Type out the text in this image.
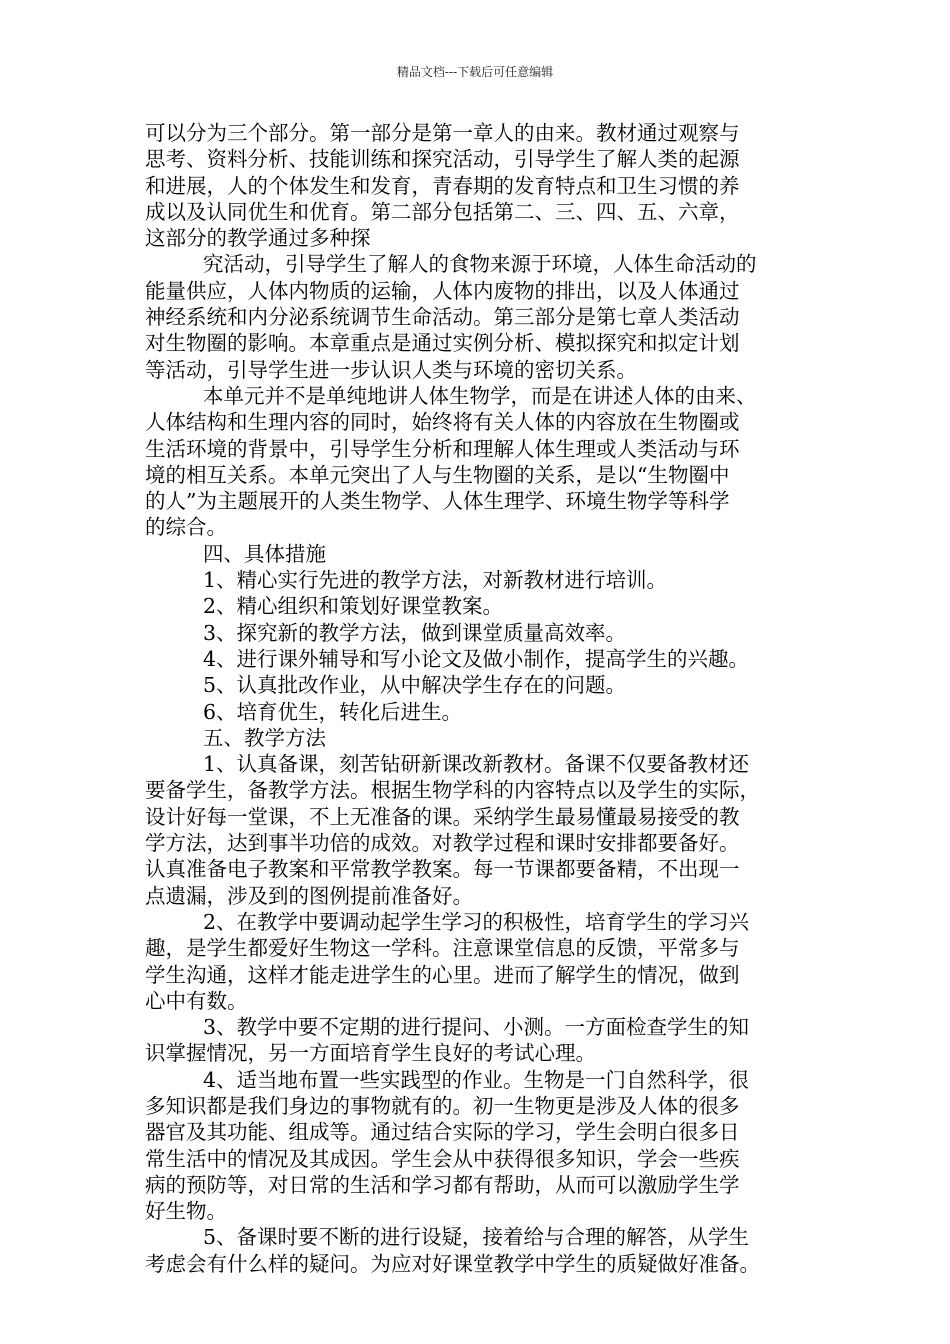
精品文档---下载后可任意编辑
可以分为三个部分。第一部分是第一章人的由来。教材通过观察与
思考、资料分析、技能训练和探究活动，引导学生了解人类的起源
和进展，人的个体发生和发育，青春期的发育特点和卫生习惯的养
成以及认同优生和优育。第二部分包括第二、三、四、五、六章，
这部分的教学通过多种探
究活动，引导学生了解人的食物来源于环境，人体生命活动的
能量供应，人体内物质的运输，人体内废物的排出，以及人体通过
神经系统和内分泌系统调节生命活动。第三部分是第七章人类活动
对生物圈的影响。本章重点是通过实例分析、模拟探究和拟定计划
等活动，引导学生进一步认识人类与环境的密切关系。
本单元并不是单纯地讲人体生物学，而是在讲述人体的由来、
人体结构和生理内容的同时，始终将有关人体的内容放在生物圈或
生活环境的背景中，引导学生分析和理解人体生理或人类活动与环
境的相互关系。本单元突出了人与生物圈的关系，是以“生物圈中
的人”为主题展开的人类生物学、人体生理学、环境生物学等科学
的综合。
四、具体措施
1、精心实行先进的教学方法，对新教材进行培训。
2、精心组织和策划好课堂教案。
3、探究新的教学方法，做到课堂质量高效率。
4、进行课外辅导和写小论文及做小制作，提高学生的兴趣。
5、认真批改作业，从中解决学生存在的问题。
6、培育优生，转化后进生。
五、教学方法
1、认真备课，刻苦钻研新课改新教材。备课不仅要备教材还
要备学生，备教学方法。根据生物学科的内容特点以及学生的实际，
设计好每一堂课，不上无准备的课。采纳学生最易懂最易接受的教
学方法，达到事半功倍的成效。对教学过程和课时安排都要备好。
认真准备电子教案和平常教学教案。每一节课都要备精，不出现一
点遗漏，涉及到的图例提前准备好。
2、在教学中要调动起学生学习的积极性，培育学生的学习兴
趣，是学生都爱好生物这一学科。注意课堂信息的反馈，平常多与
学生沟通，这样才能走进学生的心里。进而了解学生的情况，做到
心中有数。
3、教学中要不定期的进行提问、小测。一方面检查学生的知
识掌握情况，另一方面培育学生良好的考试心理。
4、适当地布置一些实践型的作业。生物是一门自然科学，很
多知识都是我们身边的事物就有的。初一生物更是涉及人体的很多
器官及其功能、组成等。通过结合实际的学习，学生会明白很多日
常生活中的情况及其成因。学生会从中获得很多知识，学会一些疾
病的预防等，对日常的生活和学习都有帮助，从而可以激励学生学
好生物。
5、备课时要不断的进行设疑，接着给与合理的解答，从学生
考虑会有什么样的疑问。为应对好课堂教学中学生的质疑做好准备。
